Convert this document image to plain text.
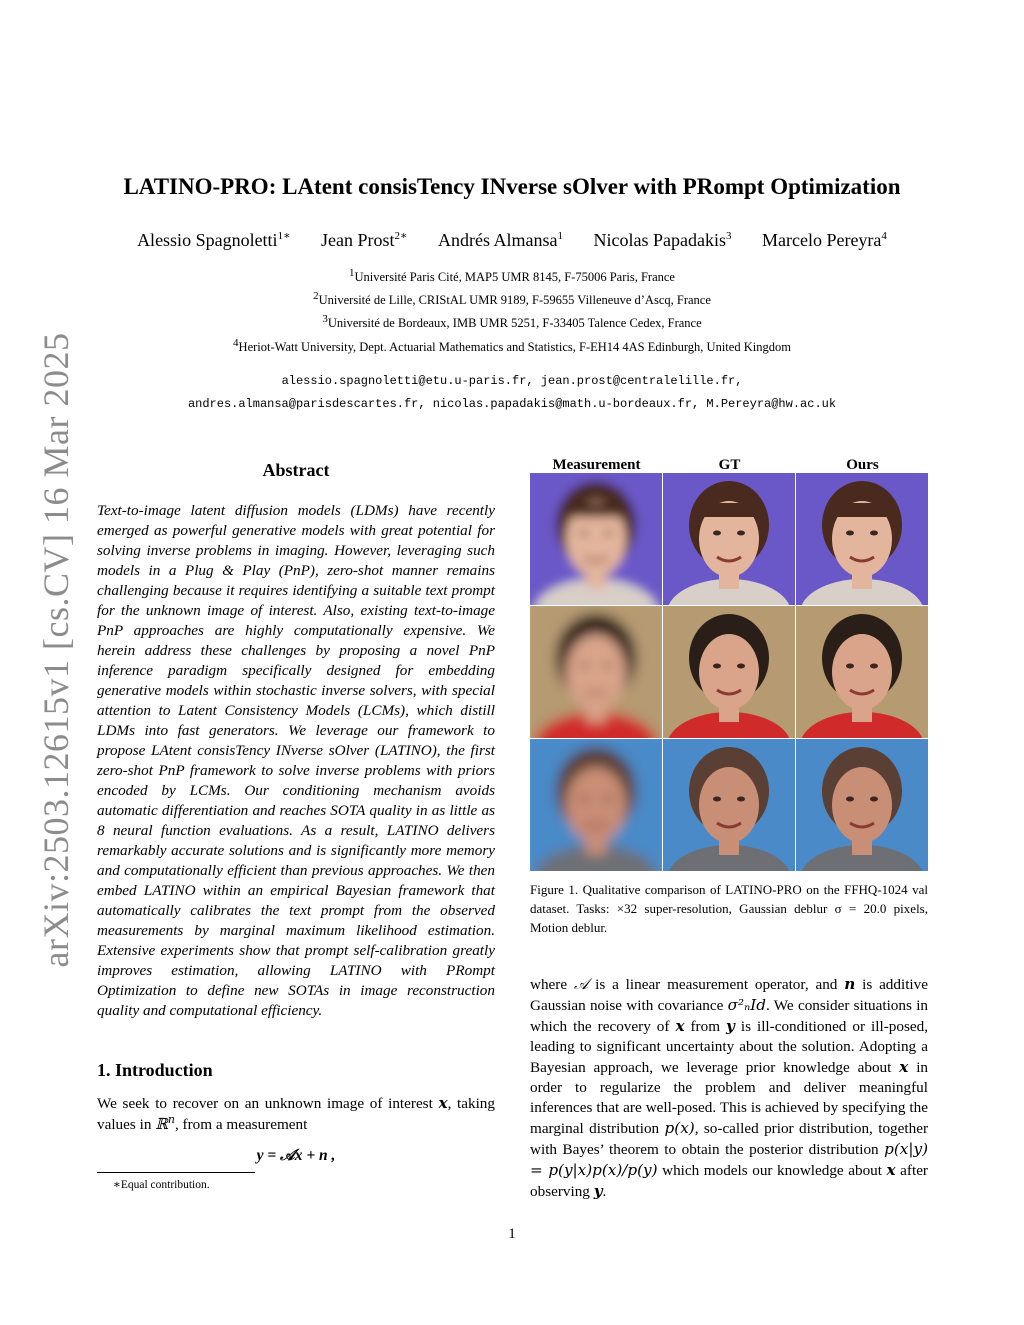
arXiv:2503.12615v1 [cs.CV] 16 Mar 2025
LATINO-PRO: LAtent consisTency INverse sOlver with PRompt Optimization
Alessio Spagnoletti$^{1∗}$ Jean Prost$^{2∗}$ Andrés Almansa$^1$ Nicolas Papadakis$^3$ Marcelo Pereyra$^4$
$^1$Université Paris Cité, MAP5 UMR 8145, F-75006 Paris, France
$^2$Université de Lille, CRIStAL UMR 9189, F-59655 Villeneuve d’Ascq, France
$^3$Université de Bordeaux, IMB UMR 5251, F-33405 Talence Cedex, France
$^4$Heriot-Watt University, Dept. Actuarial Mathematics and Statistics, F-EH14 4AS Edinburgh, United Kingdom
alessio.spagnoletti@etu.u-paris.fr, jean.prost@centralelille.fr,
andres.almansa@parisdescartes.fr, nicolas.papadakis@math.u-bordeaux.fr, M.Pereyra@hw.ac.uk
Abstract
Text-to-image latent diffusion models (LDMs) have recently emerged as powerful generative models with great potential for solving inverse problems in imaging. However, leveraging such models in a Plug & Play (PnP), zero-shot manner remains challenging because it requires identifying a suitable text prompt for the unknown image of interest. Also, existing text-to-image PnP approaches are highly computationally expensive. We herein address these challenges by proposing a novel PnP inference paradigm specifically designed for embedding generative models within stochastic inverse solvers, with special attention to Latent Consistency Models (LCMs), which distill LDMs into fast generators. We leverage our framework to propose LAtent consisTency INverse sOlver (LATINO), the first zero-shot PnP framework to solve inverse problems with priors encoded by LCMs. Our conditioning mechanism avoids automatic differentiation and reaches SOTA quality in as little as 8 neural function evaluations. As a result, LATINO delivers remarkably accurate solutions and is significantly more memory and computationally efficient than previous approaches. We then embed LATINO within an empirical Bayesian framework that automatically calibrates the text prompt from the observed measurements by marginal maximum likelihood estimation. Extensive experiments show that prompt self-calibration greatly improves estimation, allowing LATINO with PRompt Optimization to define new SOTAs in image reconstruction quality and computational efficiency.
1. Introduction
We seek to recover on an unknown image of interest x, taking values in ℝ$^n$, from a measurement
y = 𝒜x + n ,
∗Equal contribution.
Measurement	GT	Ours
Figure 1. Qualitative comparison of LATINO-PRO on the FFHQ-1024 val dataset. Tasks: ×32 super-resolution, Gaussian deblur σ = 20.0 pixels, Motion deblur.
where 𝒜 is a linear measurement operator, and n is additive Gaussian noise with covariance σ²ₙId. We consider situations in which the recovery of x from y is ill-conditioned or ill-posed, leading to significant uncertainty about the solution. Adopting a Bayesian approach, we leverage prior knowledge about x in order to regularize the problem and deliver meaningful inferences that are well-posed. This is achieved by specifying the marginal distribution p(x), so-called prior distribution, together with Bayes’ theorem to obtain the posterior distribution p(x|y) = p(y|x)p(x)/p(y) which models our knowledge about x after observing y.
1
